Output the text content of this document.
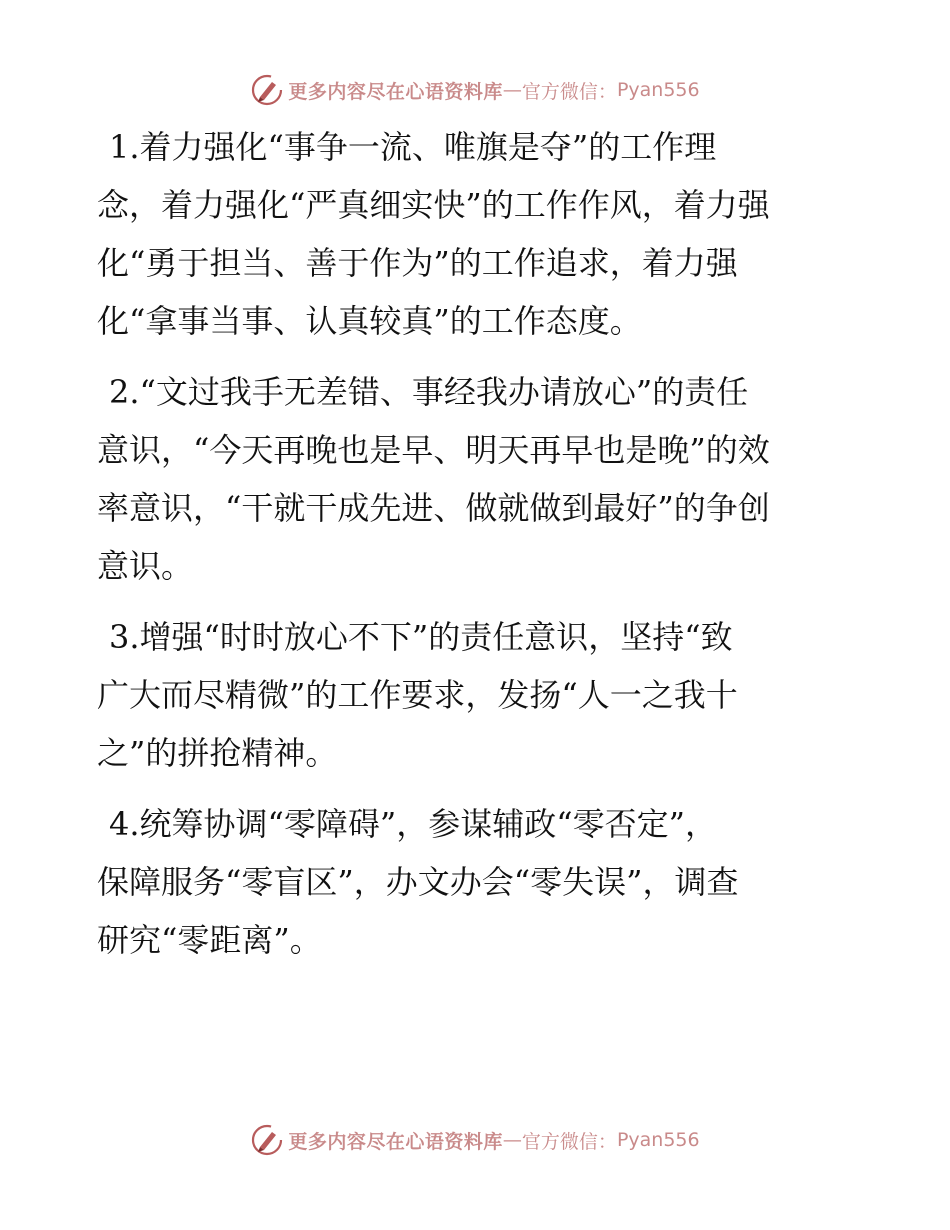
更多内容尽在心语资料库 — 官方微信： Pyan556

1.着力强化“事争一流、唯旗是夺”的工作理
念，着力强化“严真细实快”的工作作风，着力强
化“勇于担当、善于作为”的工作追求，着力强
化“拿事当事、认真较真”的工作态度。

2.“文过我手无差错、事经我办请放心”的责任
意识，“今天再晚也是早、明天再早也是晚”的效
率意识，“干就干成先进、做就做到最好”的争创
意识。

3.增强“时时放心不下”的责任意识，坚持“致
广大而尽精微”的工作要求，发扬“人一之我十
之”的拼抢精神。

4.统筹协调“零障碍”，参谋辅政“零否定”，
保障服务“零盲区”，办文办会“零失误”，调查
研究“零距离”。

更多内容尽在心语资料库 — 官方微信： Pyan556
